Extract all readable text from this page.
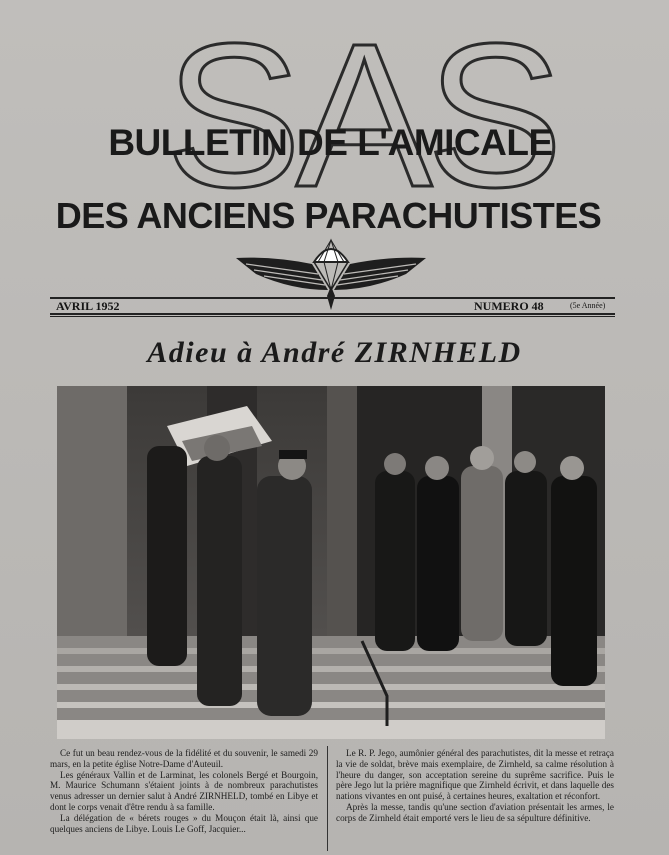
S A S
BULLETIN DE L'AMICALE
DES ANCIENS PARACHUTISTES
AVRIL 1952	NUMERO 48	(5e Année)
Adieu à André ZIRNHELD

Ce fut un beau rendez-vous de la fidélité et du souvenir, le samedi 29 mars, en la petite église Notre-Dame d'Auteuil.

Les généraux Vallin et de Larminat, les colonels Bergé et Bourgoin, M. Maurice Schumann s'étaient joints à de nombreux parachutistes venus adresser un dernier salut à André ZIRNHELD, tombé en Libye et dont le corps venait d'être rendu à sa famille.

La délégation de « bérets rouges » du Mouçon était là, ainsi que quelques anciens de Libye. Louis Le Goff, Jacquier...

Le R. P. Jego, aumônier général des parachutistes, dit la messe et retraça la vie de soldat, brève mais exemplaire, de Zirnheld, sa calme résolution à l'heure du danger, son acceptation sereine du suprême sacrifice. Puis le père Jego lut la prière magnifique que Zirnheld écrivit, et dans laquelle des nations vivantes en ont puisé, à certaines heures, exaltation et réconfort.

Après la messe, tandis qu'une section d'aviation présentait les armes, le corps de Zirnheld était emporté vers le lieu de sa sépulture définitive.
